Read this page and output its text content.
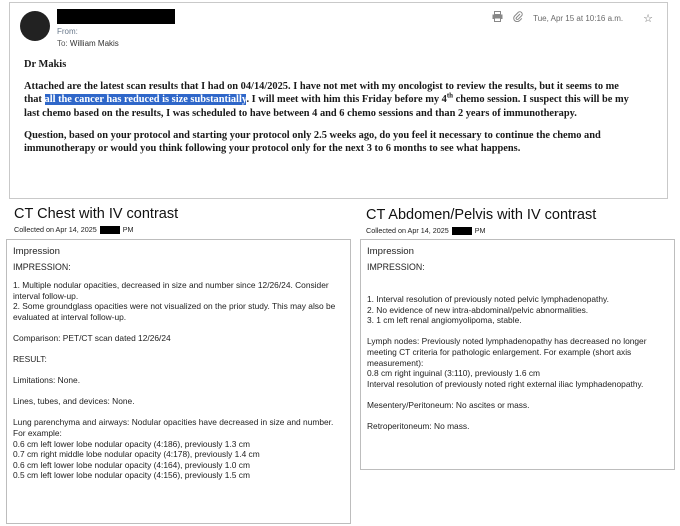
From:
To: William Makis
Tue, Apr 15 at 10:16 a.m. ☆

Dr Makis

Attached are the latest scan results that I had on 04/14/2025. I have not met with my oncologist to review the results, but it seems to me that all the cancer has reduced is size substantially. I will meet with him this Friday before my 4th chemo session. I suspect this will be my last chemo based on the results, I was scheduled to have between 4 and 6 chemo sessions and than 2 years of immunotherapy.

Question, based on your protocol and starting your protocol only 2.5 weeks ago, do you feel it necessary to continue the chemo and immunotherapy or would you think following your protocol only for the next 3 to 6 months to see what happens.

CT Chest with IV contrast
Collected on Apr 14, 2025	PM
Impression
IMPRESSION:

1. Multiple nodular opacities, decreased in size and number since 12/26/24. Consider interval follow-up.

2. Some groundglass opacities were not visualized on the prior study. This may also be evaluated at interval follow-up.

Comparison: PET/CT scan dated 12/26/24

RESULT:

Limitations: None.

Lines, tubes, and devices: None.

Lung parenchyma and airways: Nodular opacities have decreased in size and number. For example:

0.6 cm left lower lobe nodular opacity (4:186), previously 1.3 cm

0.7 cm right middle lobe nodular opacity (4:178), previously 1.4 cm

0.6 cm left lower lobe nodular opacity (4:164), previously 1.0 cm

0.5 cm left lower lobe nodular opacity (4:156), previously 1.5 cm

CT Abdomen/Pelvis with IV contrast
Collected on Apr 14, 2025	PM
Impression
IMPRESSION:

1. Interval resolution of previously noted pelvic lymphadenopathy.

2. No evidence of new intra-abdominal/pelvic abnormalities.

3. 1 cm left renal angiomyolipoma, stable.

Lymph nodes: Previously noted lymphadenopathy has decreased no longer meeting CT criteria for pathologic enlargement. For example (short axis measurement):

0.8 cm right inguinal (3:110), previously 1.6 cm

Interval resolution of previously noted right external iliac lymphadenopathy.

Mesentery/Peritoneum: No ascites or mass.

Retroperitoneum: No mass.
